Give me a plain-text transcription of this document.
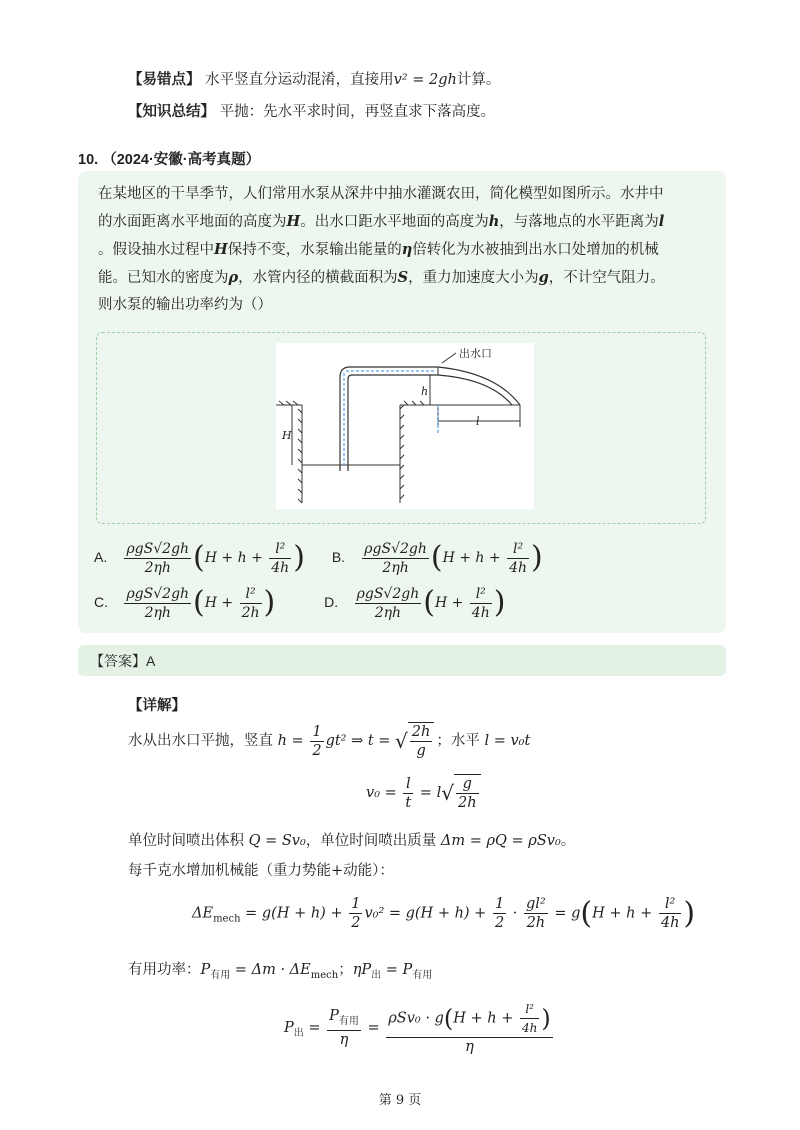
【易错点】 水平竖直分运动混淆，直接用v² = 2gh计算。
【知识总结】 平抛：先水平求时间，再竖直求下落高度。
10. （2024·安徽·高考真题）
在某地区的干旱季节，人们常用水泵从深井中抽水灌溉农田，简化模型如图所示。水井中
的水面距离水平地面的高度为H。出水口距水平地面的高度为h，与落地点的水平距离为l
。假设抽水过程中H保持不变，水泵输出能量的η倍转化为水被抽到出水口处增加的机械
能。已知水的密度为ρ，水管内径的横截面积为S，重力加速度大小为g，不计空气阻力。
则水泵的输出功率约为（）
出水口
h
H
l
A. $\frac{\text{ρgS√2gh}}{2\eta h} (H + h + \frac{\text{l²}}{4h}$ ) B. $\frac{\text{ρgS√2gh}}{2\eta h} (H + h + \frac{\text{l²}}{4h}$ )
C. $\frac{\text{ρgS√2gh}}{2\eta h} (H + \frac{\text{l²}}{2h}$ )	D. $\frac{\text{ρgS√2gh}}{2\eta h} (H + \frac{\text{l²}}{4h}$ )
【答案】A
【详解】
水从出水口平抛，竖直 $h = \frac{1}{2} gt^2$ ⇒ t = √ $\frac{2h}{g}$ ；水平 l = v₀t
$v_0 = \frac{l}{t} = l√ \frac{g}{2h}$
单位时间喷出体积 Q = Sv₀，单位时间喷出质量 Δm = ρQ = ρSv₀。
每千克水增加机械能（重力势能+动能）：
$\Delta E_{mech} = g(H + h) + \frac{1}{2} v_0^2 = g(H + h) + \frac{1}{2} \cdot \frac{\text{gl²}}{2h} = g(H + h + \frac{\text{l²}}{4h}$ )
有用功率：$P_{有用} = \Delta m \cdot \Delta E_{mech}$；$\eta P_出 = P_{有用}$
$P_出 = \frac{P_{有用}}{\eta} = \frac{\rho Sv_0 \cdot g(H + h + \frac{\text{l²}}{4h} )}{\eta}$
第 9 页
